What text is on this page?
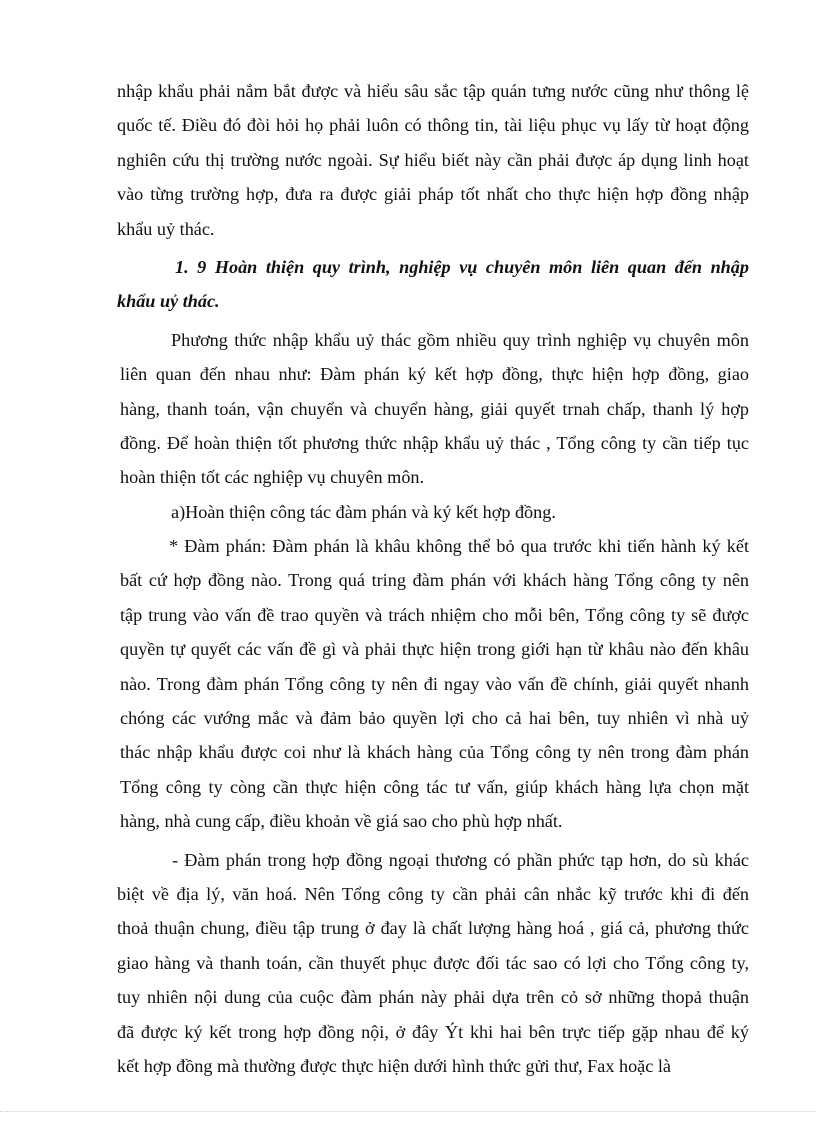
nhập khẩu phải nắm bắt được và hiểu sâu sắc tập quán tưng nước cũng như thông lệ
quốc tế. Điều đó đòi hỏi họ phải luôn có thông tin, tài liệu phục vụ lấy từ hoạt động
nghiên cứu thị trường nước ngoài. Sự hiểu biết này cần phải được áp dụng linh hoạt
vào từng trường hợp, đưa ra được giải pháp tốt nhất cho thực hiện hợp đồng nhập
khẩu uỷ thác.
1. 9 Hoàn thiện quy trình, nghiệp vụ chuyên môn liên quan đến nhập
khẩu uỷ thác.
Phương thức nhập khẩu uỷ thác gồm nhiều quy trình nghiệp vụ chuyên môn
liên quan đến nhau như: Đàm phán ký kết hợp đồng, thực hiện hợp đồng, giao
hàng, thanh toán, vận chuyển và chuyển hàng, giải quyết trnah chấp, thanh lý hợp
đồng. Để hoàn thiện tốt phương thức nhập khẩu uỷ thác , Tổng công ty cần tiếp tục
hoàn thiện tốt các nghiệp vụ chuyên môn.
a)Hoàn thiện công tác đàm phán và ký kết hợp đồng.
* Đàm phán: Đàm phán là khâu không thể bỏ qua trước khi tiến hành ký kết
bất cứ hợp đồng nào. Trong quá tring đàm phán với khách hàng Tổng công ty nên
tập trung vào vấn đề trao quyền và trách nhiệm cho mỗi bên, Tổng công ty sẽ được
quyền tự quyết các vấn đề gì và phải thực hiện trong giới hạn từ khâu nào đến khâu
nào. Trong đàm phán Tổng công ty nên đi ngay vào vấn đề chính, giải quyết nhanh
chóng các vướng mắc và đảm bảo quyền lợi cho cả hai bên, tuy nhiên vì nhà uỷ
thác nhập khẩu được coi như là khách hàng của Tổng công ty nên trong đàm phán
Tổng công ty còng cần thực hiện công tác tư vấn, giúp khách hàng lựa chọn mặt
hàng, nhà cung cấp, điều khoản về giá sao cho phù hợp nhất.
- Đàm phán trong hợp đồng ngoại thương có phần phức tạp hơn, do sù khác
biệt về địa lý, văn hoá. Nên Tổng công ty cần phải cân nhắc kỹ trước khi đi đến
thoả thuận chung, điều tập trung ở đay là chất lượng hàng hoá , giá cả, phương thức
giao hàng và thanh toán, cần thuyết phục được đối tác sao có lợi cho Tổng công ty,
tuy nhiên nội dung của cuộc đàm phán này phải dựa trên cỏ sở những thopả thuận
đã được ký kết trong hợp đồng nội, ở đây Ýt khi hai bên trực tiếp gặp nhau để ký
kết hợp đồng mà thường được thực hiện dưới hình thức gửi thư, Fax hoặc là
